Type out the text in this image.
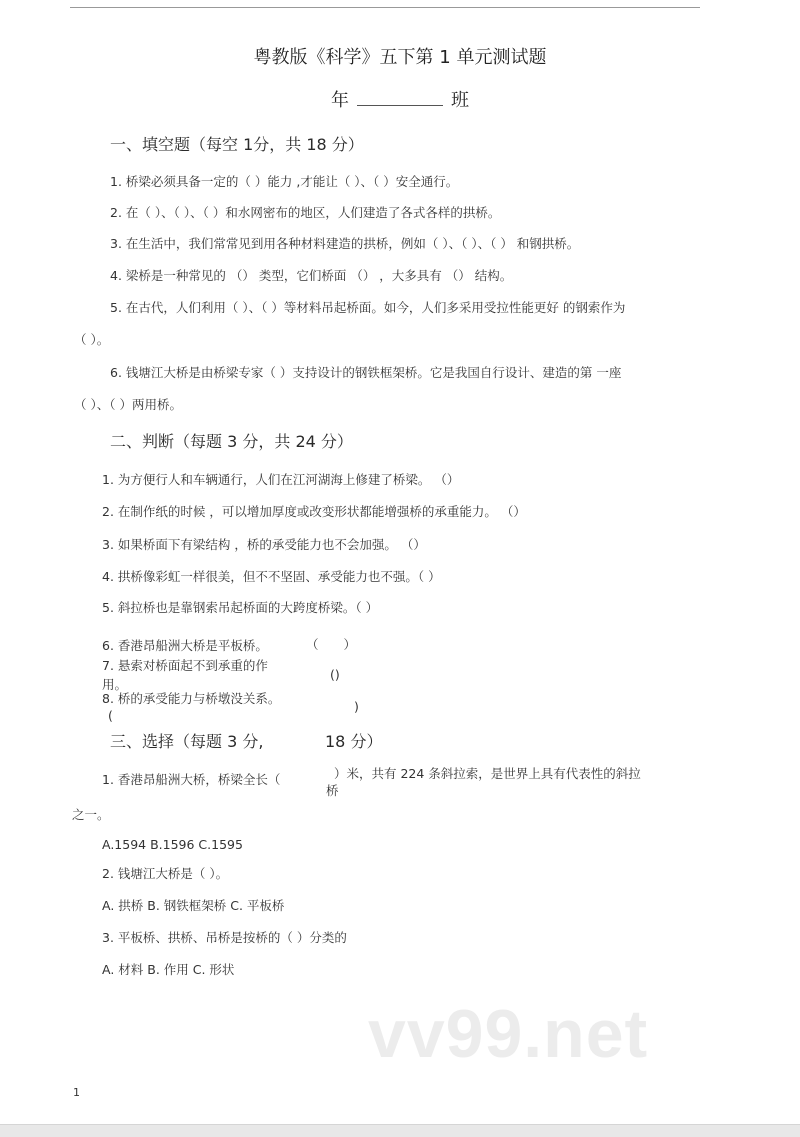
粤教版《科学》五下第 1 单元测试题
年	班
一、填空题（每空 1分，共 18 分）
1. 桥梁必须具备一定的（ ）能力 ,才能让（ ）、（ ）安全通行。
2. 在（ ）、（ ）、（ ）和水网密布的地区，人们建造了各式各样的拱桥。
3. 在生活中，我们常常见到用各种材料建造的拱桥，例如（ ）、（ ）、（ ） 和钢拱桥。
4. 梁桥是一种常见的 （） 类型，它们桥面 （） ，大多具有 （） 结构。
5. 在古代，人们利用（ ）、（ ）等材料吊起桥面。如今，人们多采用受拉性能更好 的钢索作为
（ ）。
6. 钱塘江大桥是由桥梁专家（ ）支持设计的钢铁框架桥。它是我国自行设计、建造的第 一座
（ ）、（ ）两用桥。
二、判断（每题 3 分，共 24 分）
1. 为方便行人和车辆通行，人们在江河湖海上修建了桥梁。 （）
2. 在制作纸的时候 ，可以增加厚度或改变形状都能增强桥的承重能力。 （）
3. 如果桥面下有梁结构 ，桥的承受能力也不会加强。 （）
4. 拱桥像彩虹一样很美，但不不坚固、承受能力也不强。（ ）
5. 斜拉桥也是靠钢索吊起桥面的大跨度桥梁。（ ）
6. 香港昂船洲大桥是平板桥。	（　　）
7. 悬索对桥面起不到承重的作
用。
()
8. 桥的承受能力与桥墩没关系。
(
)
三、选择（每题 3 分,	18 分）
1. 香港昂船洲大桥，桥梁全长（	）米，共有 224 条斜拉索，是世界上具有代表性的斜拉
桥
之一。
A.1594 B.1596 C.1595
2. 钱塘江大桥是（ ）。
A. 拱桥 B. 钢铁框架桥 C. 平板桥
3. 平板桥、拱桥、吊桥是按桥的（ ）分类的
A. 材料 B. 作用 C. 形状
vv99.net
1
